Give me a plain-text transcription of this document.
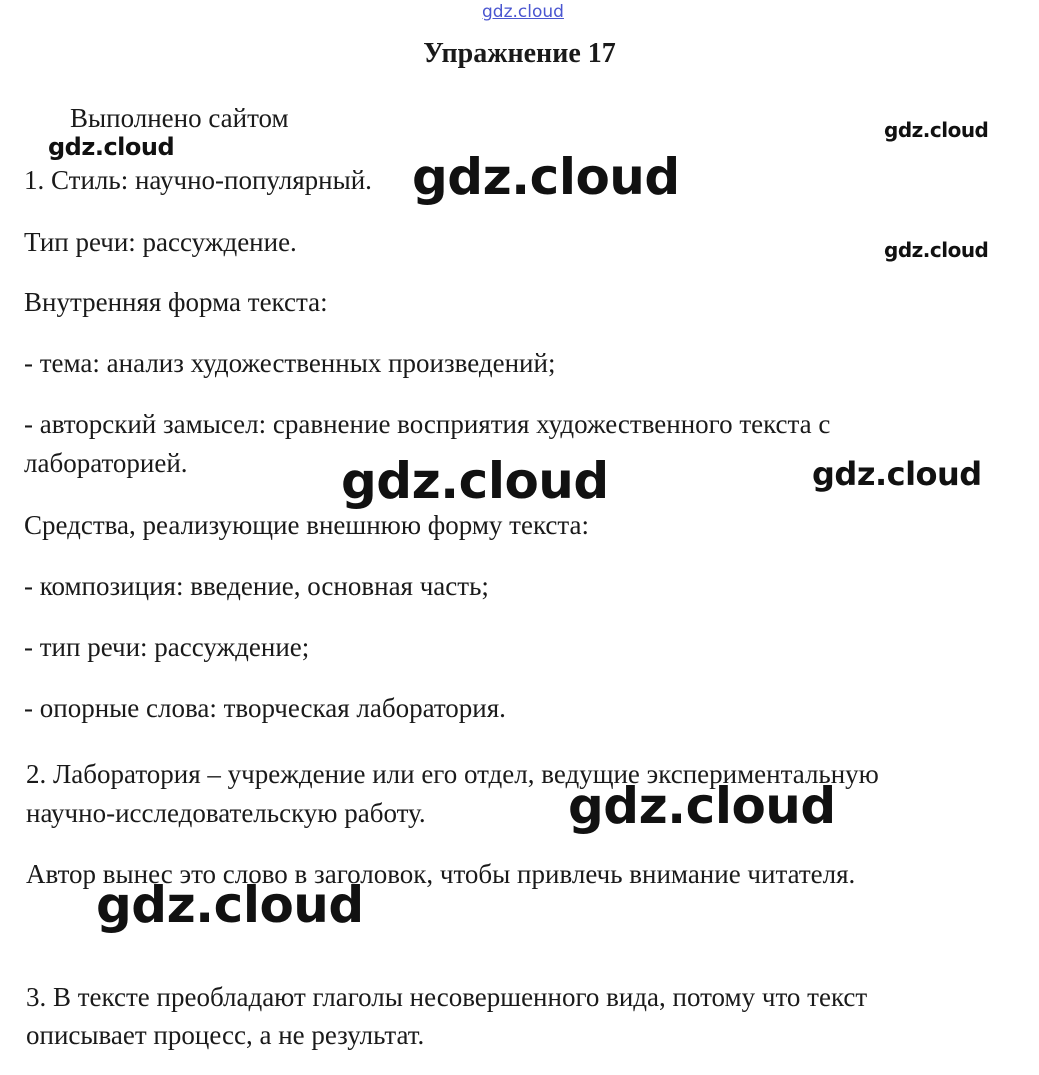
gdz.cloud
Упражнение 17
Выполнено сайтом
1. Стиль: научно-популярный.
Тип речи: рассуждение.
Внутренняя форма текста:
- тема: анализ художественных произведений;
- авторский замысел: сравнение восприятия художественного текста с
лабораторией.
Средства, реализующие внешнюю форму текста:
- композиция: введение, основная часть;
- тип речи: рассуждение;
- опорные слова: творческая лаборатория.
2. Лаборатория – учреждение или его отдел, ведущие экспериментальную
научно-исследовательскую работу.
Автор вынес это слово в заголовок, чтобы привлечь внимание читателя.
3. В тексте преобладают глаголы несовершенного вида, потому что текст
описывает процесс, а не результат.
gdz.cloud
gdz.cloud
gdz.cloud
gdz.cloud
gdz.cloud	gdz.cloud
gdz.cloud
gdz.cloud
